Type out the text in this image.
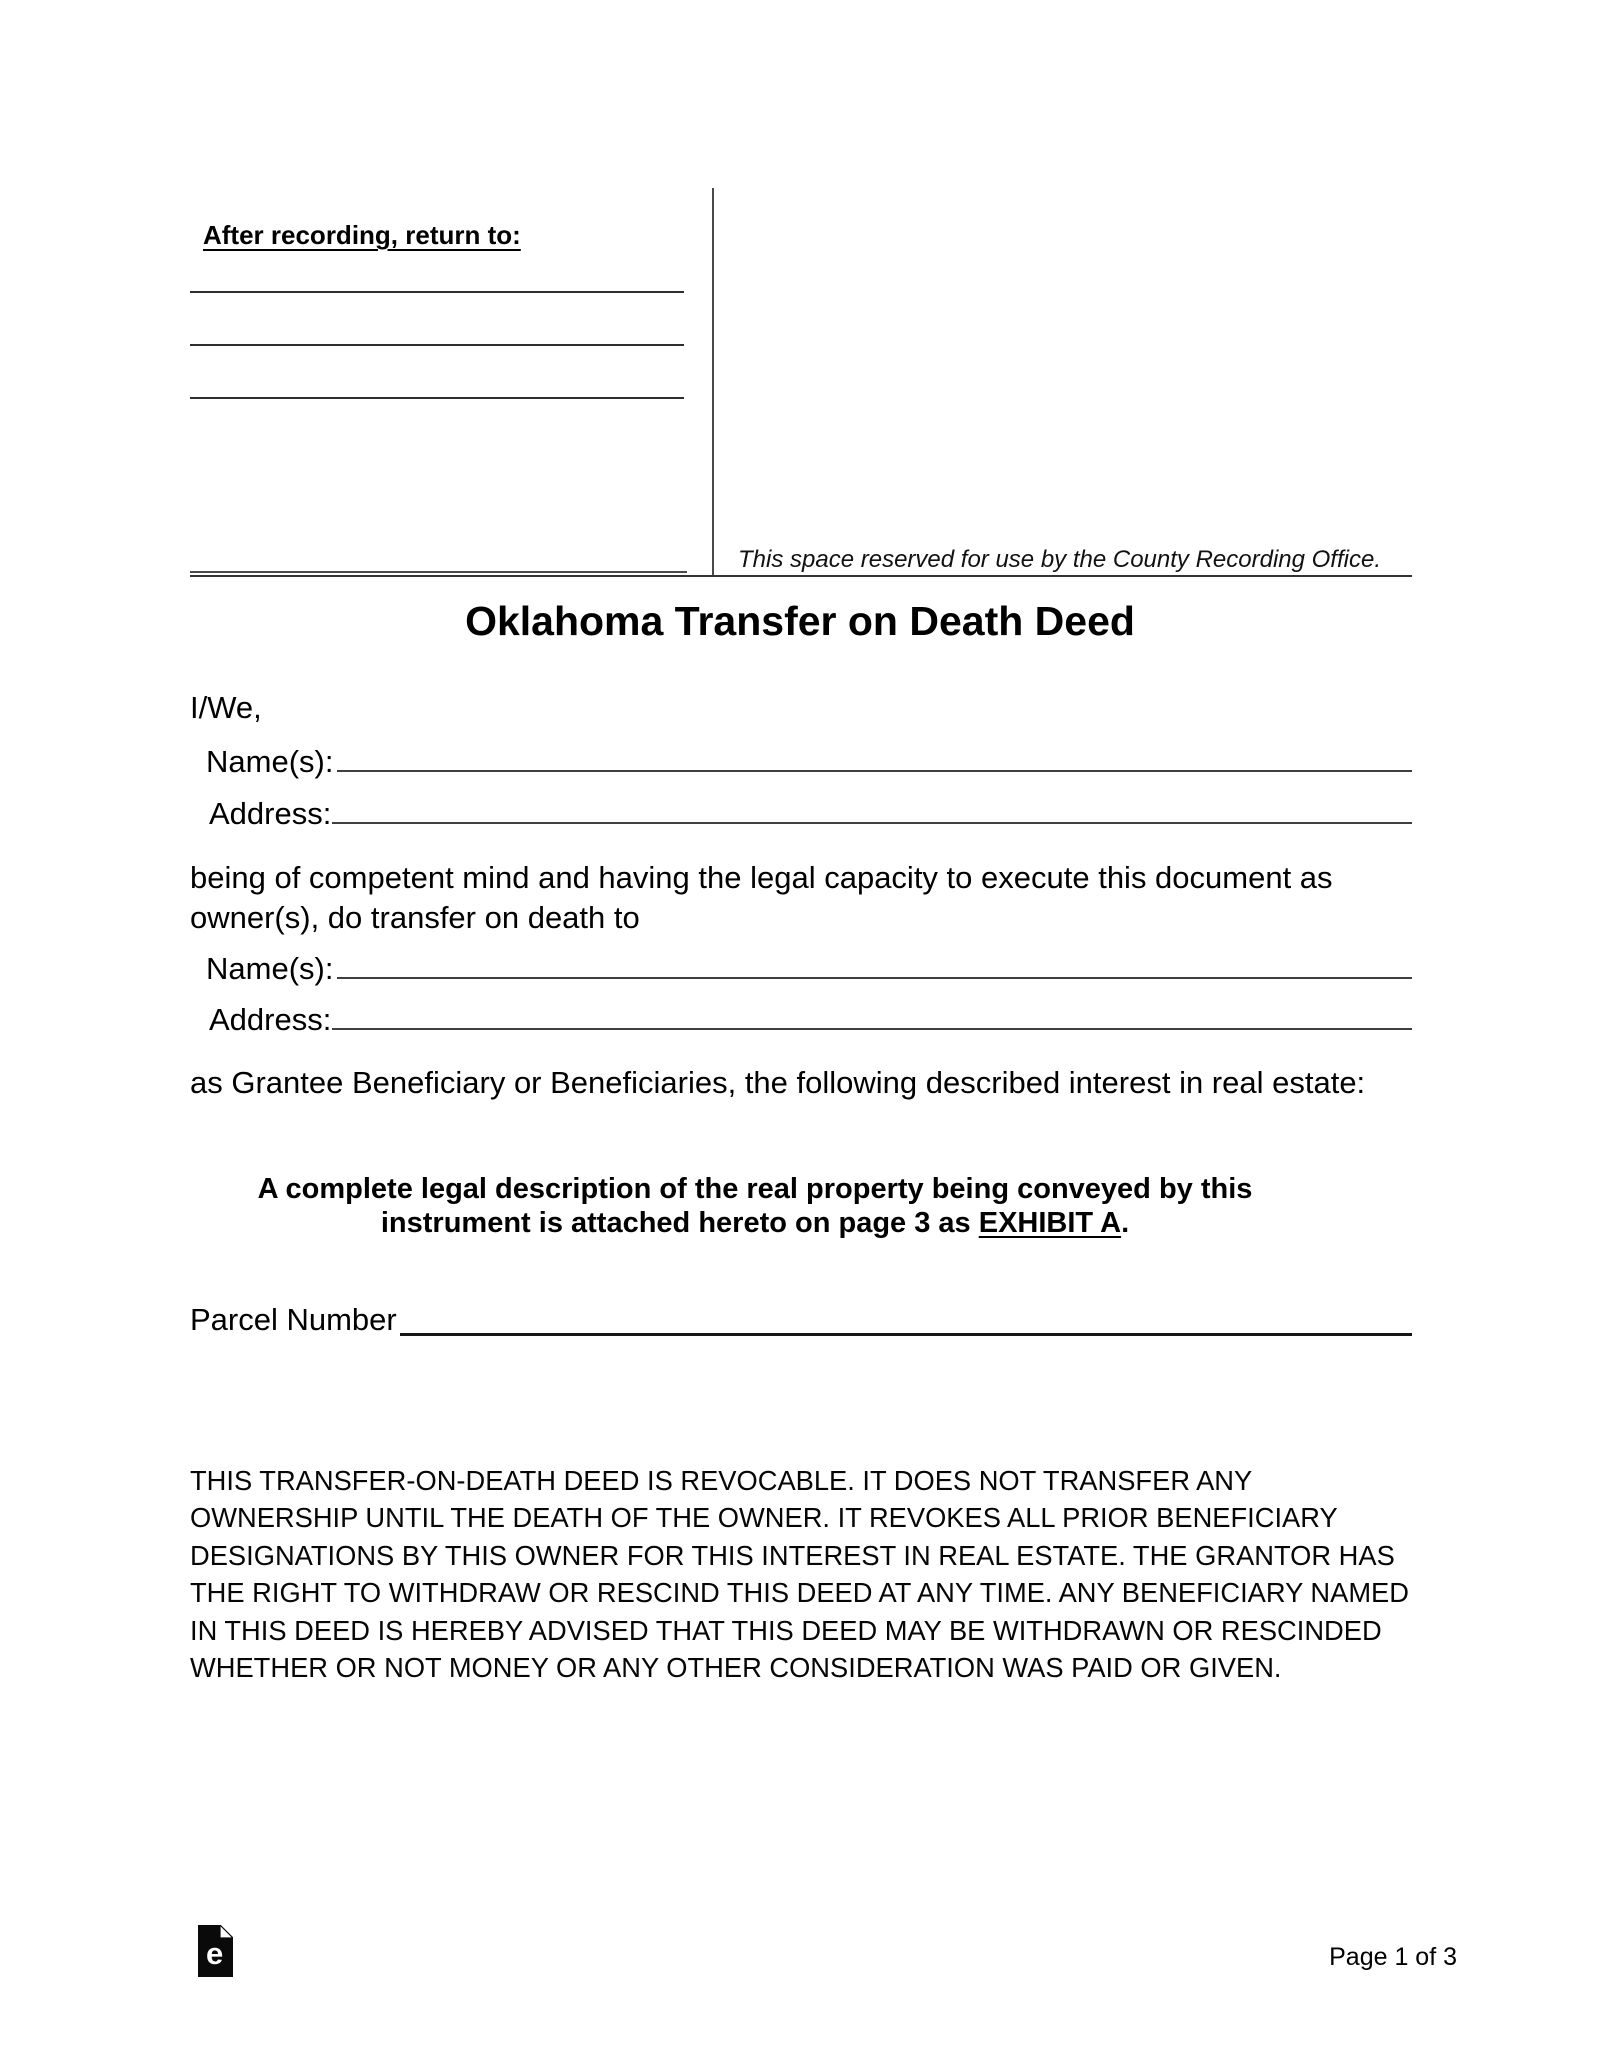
After recording, return to:
This space reserved for use by the County Recording Office.
Oklahoma Transfer on Death Deed
I/We,
Name(s):
Address:
being of competent mind and having the legal capacity to execute this document as owner(s), do transfer on death to
Name(s):
Address:
as Grantee Beneficiary or Beneficiaries, the following described interest in real estate:
A complete legal description of the real property being conveyed by this
instrument is attached hereto on page 3 as EXHIBIT A.
Parcel Number
THIS TRANSFER-ON-DEATH DEED IS REVOCABLE. IT DOES NOT TRANSFER ANY OWNERSHIP UNTIL THE DEATH OF THE OWNER. IT REVOKES ALL PRIOR BENEFICIARY DESIGNATIONS BY THIS OWNER FOR THIS INTEREST IN REAL ESTATE. THE GRANTOR HAS THE RIGHT TO WITHDRAW OR RESCIND THIS DEED AT ANY TIME. ANY BENEFICIARY NAMED IN THIS DEED IS HEREBY ADVISED THAT THIS DEED MAY BE WITHDRAWN OR RESCINDED WHETHER OR NOT MONEY OR ANY OTHER CONSIDERATION WAS PAID OR GIVEN.
e	Page 1 of 3
